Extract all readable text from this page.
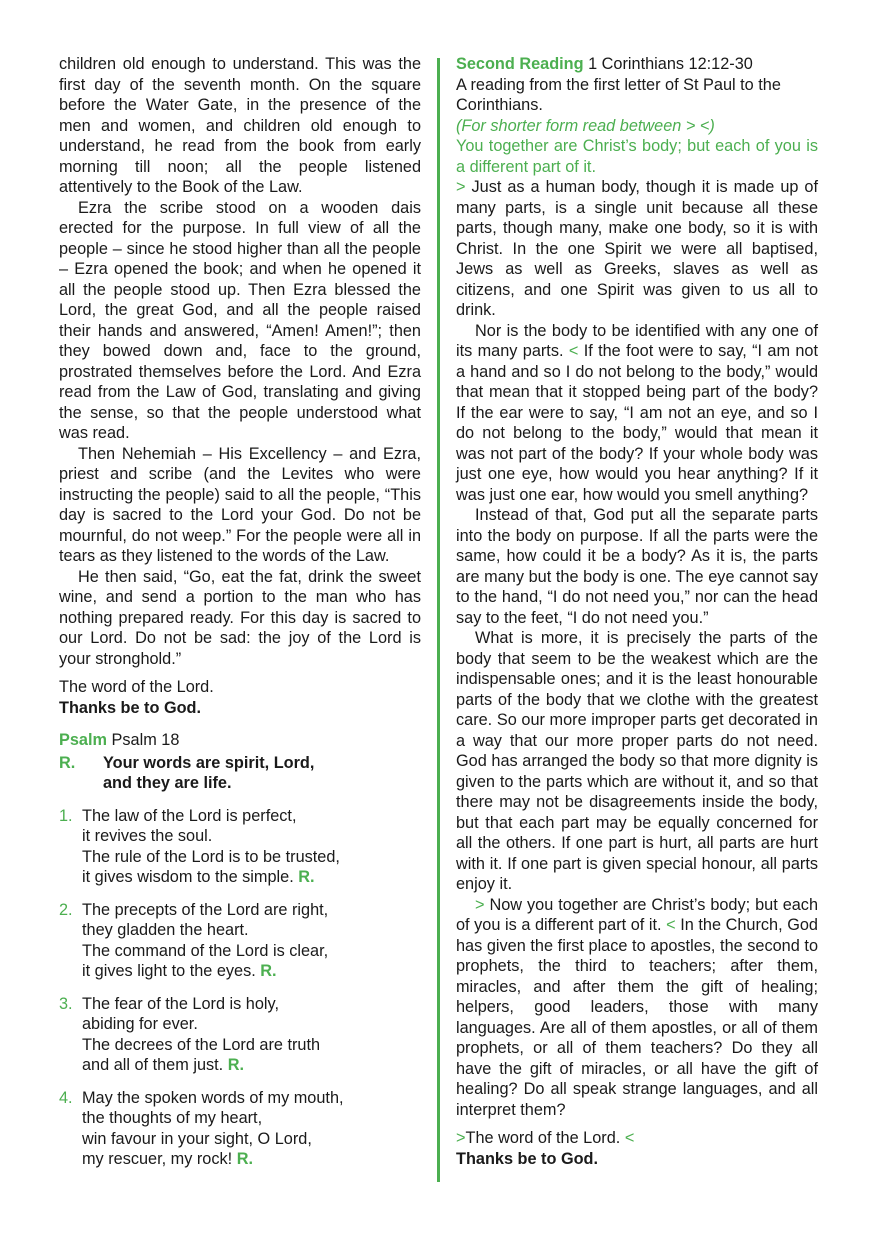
children old enough to understand. This was the first day of the seventh month. On the square before the Water Gate, in the presence of the men and women, and children old enough to understand, he read from the book from early morning till noon; all the people listened attentively to the Book of the Law.

Ezra the scribe stood on a wooden dais erected for the purpose. In full view of all the people – since he stood higher than all the people – Ezra opened the book; and when he opened it all the people stood up. Then Ezra blessed the Lord, the great God, and all the people raised their hands and answered, “Amen! Amen!”; then they bowed down and, face to the ground, prostrated themselves before the Lord. And Ezra read from the Law of God, translating and giving the sense, so that the people understood what was read.

Then Nehemiah – His Excellency – and Ezra, priest and scribe (and the Levites who were instructing the people) said to all the people, “This day is sacred to the Lord your God. Do not be mournful, do not weep.” For the people were all in tears as they listened to the words of the Law.

He then said, “Go, eat the fat, drink the sweet wine, and send a portion to the man who has nothing prepared ready. For this day is sacred to our Lord. Do not be sad: the joy of the Lord is your stronghold.”

The word of the Lord.

Thanks be to God.

Psalm Psalm 18

R.	Your words are spirit, Lord,
and they are life.
1. The law of the Lord is perfect,
it revives the soul.
The rule of the Lord is to be trusted,
it gives wisdom to the simple. R.
2. The precepts of the Lord are right,
they gladden the heart.
The command of the Lord is clear,
it gives light to the eyes. R.
3. The fear of the Lord is holy,
abiding for ever.
The decrees of the Lord are truth
and all of them just. R.
4. May the spoken words of my mouth,
the thoughts of my heart,
win favour in your sight, O Lord,
my rescuer, my rock! R.

Second Reading 1 Corinthians 12:12-30

A reading from the first letter of St Paul to the Corinthians.

(For shorter form read between > <)

You together are Christ’s body; but each of you is a different part of it.

> Just as a human body, though it is made up of many parts, is a single unit because all these parts, though many, make one body, so it is with Christ. In the one Spirit we were all baptised, Jews as well as Greeks, slaves as well as citizens, and one Spirit was given to us all to drink.

Nor is the body to be identified with any one of its many parts. < If the foot were to say, “I am not a hand and so I do not belong to the body,” would that mean that it stopped being part of the body? If the ear were to say, “I am not an eye, and so I do not belong to the body,” would that mean it was not part of the body? If your whole body was just one eye, how would you hear anything? If it was just one ear, how would you smell anything?

Instead of that, God put all the separate parts into the body on purpose. If all the parts were the same, how could it be a body? As it is, the parts are many but the body is one. The eye cannot say to the hand, “I do not need you,” nor can the head say to the feet, “I do not need you.”

What is more, it is precisely the parts of the body that seem to be the weakest which are the indispensable ones; and it is the least honourable parts of the body that we clothe with the greatest care. So our more improper parts get decorated in a way that our more proper parts do not need. God has arranged the body so that more dignity is given to the parts which are without it, and so that there may not be disagreements inside the body, but that each part may be equally concerned for all the others. If one part is hurt, all parts are hurt with it. If one part is given special honour, all parts enjoy it.

> Now you together are Christ’s body; but each of you is a different part of it. < In the Church, God has given the first place to apostles, the second to prophets, the third to teachers; after them, miracles, and after them the gift of healing; helpers, good leaders, those with many languages. Are all of them apostles, or all of them prophets, or all of them teachers? Do they all have the gift of miracles, or all have the gift of healing? Do all speak strange languages, and all interpret them?

>The word of the Lord. <

Thanks be to God.
